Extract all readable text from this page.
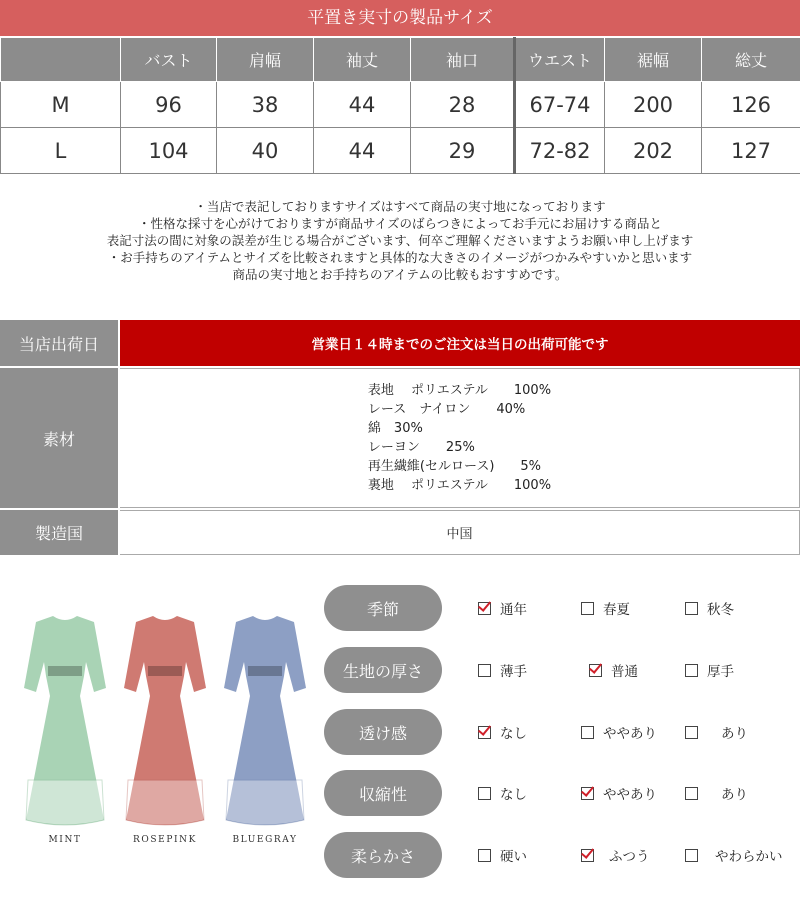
平置き実寸の製品サイズ
	バスト	肩幅	袖丈	袖口	ウエスト	裾幅	総丈
M	96	38	44	28	67-74	200	126
L	104	40	44	29	72-82	202	127
・当店で表記しておりますサイズはすべて商品の実寸地になっております
・性格な採寸を心がけておりますが商品サイズのばらつきによってお手元にお届けする商品と
表記寸法の間に対象の誤差が生じる場合がございます、何卒ご理解くださいますようお願い申し上げます
・お手持ちのアイテムとサイズを比較されますと具体的な大きさのイメージがつかみやすいかと思います
商品の実寸地とお手持ちのアイテムの比較もおすすめです。
当店出荷日	営業日１４時までのご注文は当日の出荷可能です
素材
表地　 ポリエステル　　100%
レース　ナイロン　　40%
綿　30%
レーヨン　　25%
再生繊維(セルロース)　　5%
裏地　 ポリエステル　　100%
製造国	中国
MINT	ROSEPINK	BLUEGRAY
季節	通年	春夏	秋冬
生地の厚さ	薄手	普通	厚手
透け感	なし	ややあり	あり
収縮性	なし	ややあり	あり
柔らかさ	硬い	ふつう	やわらかい
